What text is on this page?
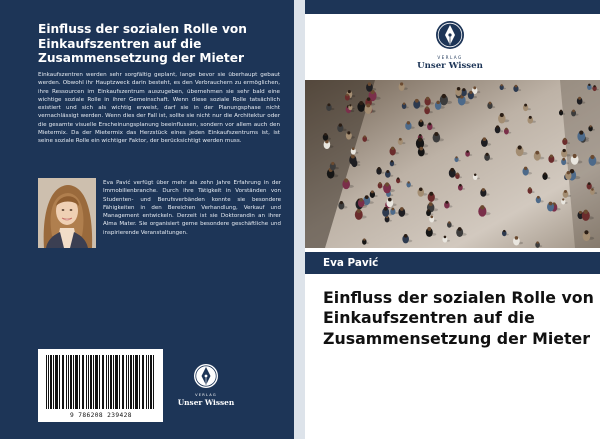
Einfluss der sozialen Rolle von Einkaufszentren auf die Zusammensetzung der Mieter
Einkaufszentren werden sehr sorgfältig geplant, lange bevor sie überhaupt gebaut werden. Obwohl ihr Hauptzweck darin besteht, es den Verbrauchern zu ermöglichen, ihre Ressourcen im Einkaufszentrum auszugeben, übernehmen sie sehr bald eine wichtige soziale Rolle in ihrer Gemeinschaft. Wenn diese soziale Rolle tatsächlich existiert und sich als wichtig erweist, darf sie in der Planungsphase nicht vernachlässigt werden. Wenn dies der Fall ist, sollte sie nicht nur die Architektur oder die gesamte visuelle Erscheinungsplanung beeinflussen, sondern vor allem auch den Mietermix. Da der Mietermix das Herzstück eines jeden Einkaufszentrums ist, ist seine soziale Rolle ein wichtiger Faktor, der berücksichtigt werden muss.
Eva Pavić verfügt über mehr als zehn Jahre Erfahrung in der Immobilienbranche. Durch ihre Tätigkeit in Vorständen von Studenten- und Berufsverbänden konnte sie besondere Fähigkeiten in den Bereichen Verhandlung, Verkauf und Management entwickeln. Derzeit ist sie Doktorandin an ihrer Alma Mater. Sie organisiert gerne besondere geschäftliche und inspirierende Veranstaltungen.
9 786208 239428
VERLAG
Unser Wissen
VERLAG
Unser Wissen
Eva Pavić
Einfluss der sozialen Rolle von Einkaufszentren auf die Zusammensetzung der Mieter
